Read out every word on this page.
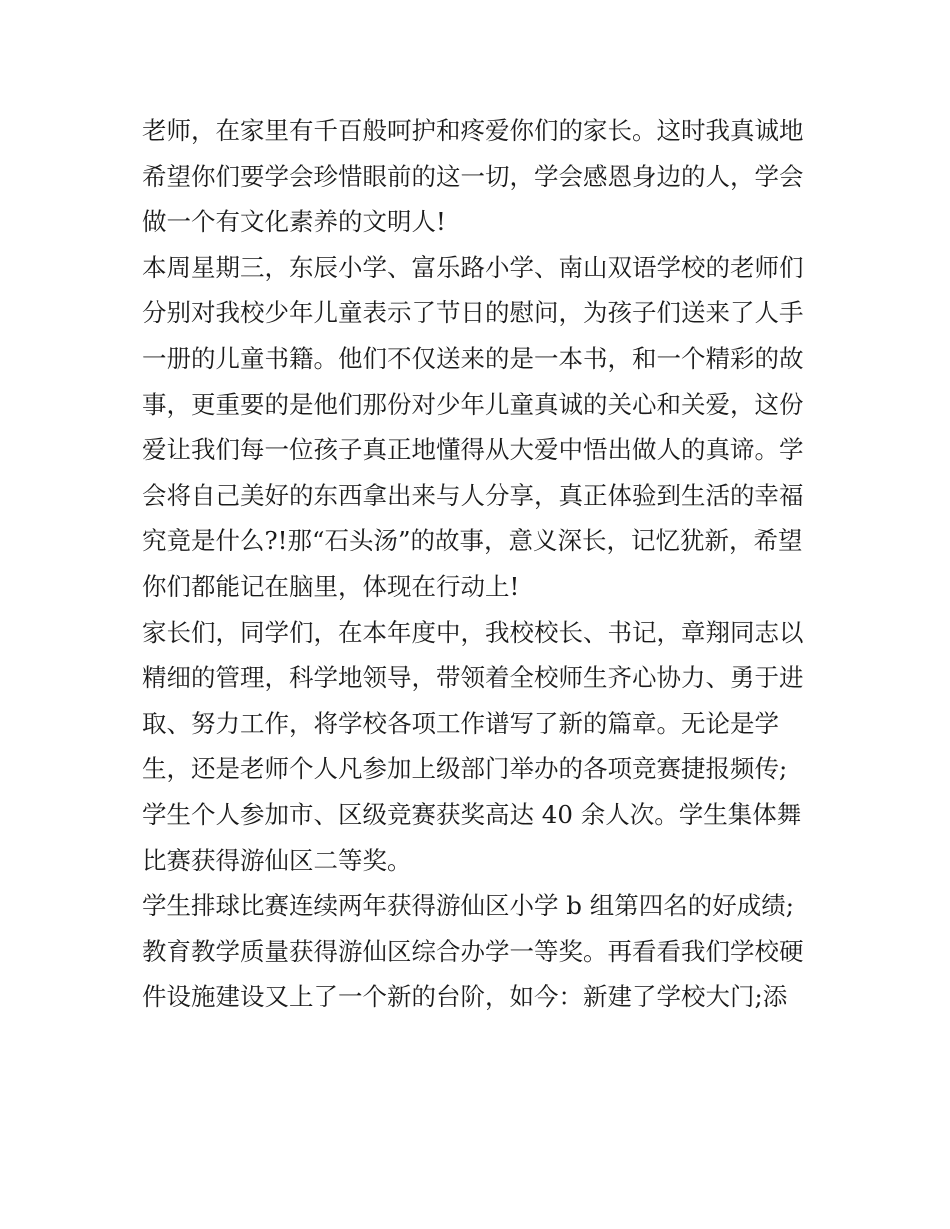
老师，在家里有千百般呵护和疼爱你们的家长。这时我真诚地
希望你们要学会珍惜眼前的这一切，学会感恩身边的人，学会
做一个有文化素养的文明人!
本周星期三，东辰小学、富乐路小学、南山双语学校的老师们
分别对我校少年儿童表示了节日的慰问，为孩子们送来了人手
一册的儿童书籍。他们不仅送来的是一本书，和一个精彩的故
事，更重要的是他们那份对少年儿童真诚的关心和关爱，这份
爱让我们每一位孩子真正地懂得从大爱中悟出做人的真谛。学
会将自己美好的东西拿出来与人分享，真正体验到生活的幸福
究竟是什么?!那“石头汤”的故事，意义深长，记忆犹新，希望
你们都能记在脑里，体现在行动上!
家长们，同学们，在本年度中，我校校长、书记，章翔同志以
精细的管理，科学地领导，带领着全校师生齐心协力、勇于进
取、努力工作，将学校各项工作谱写了新的篇章。无论是学
生，还是老师个人凡参加上级部门举办的各项竞赛捷报频传;
学生个人参加市、区级竞赛获奖高达 40 余人次。学生集体舞
比赛获得游仙区二等奖。
学生排球比赛连续两年获得游仙区小学 b 组第四名的好成绩;
教育教学质量获得游仙区综合办学一等奖。再看看我们学校硬
件设施建设又上了一个新的台阶，如今：新建了学校大门;添
